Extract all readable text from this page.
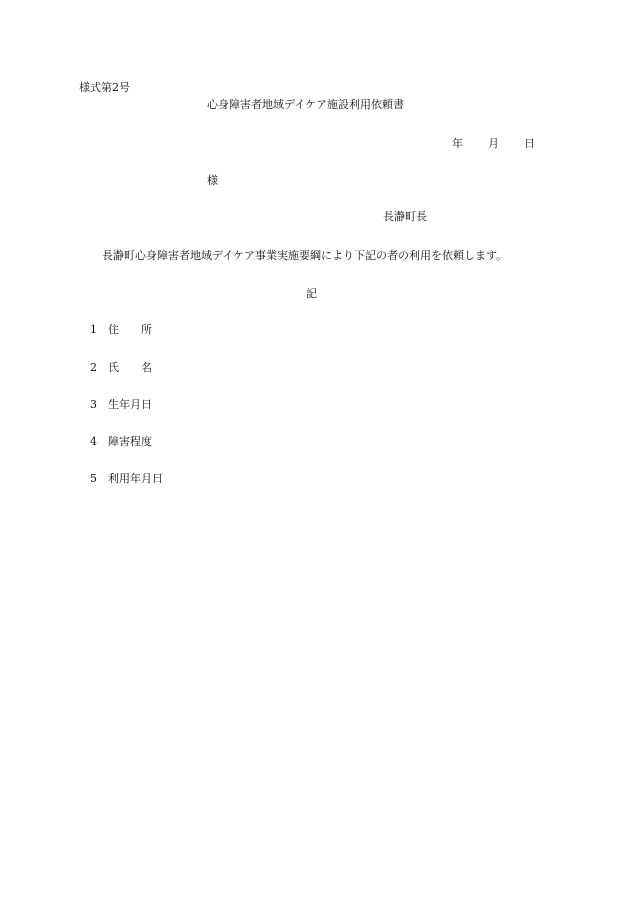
様式第2号
心身障害者地域デイケア施設利用依頼書
年 月 日
様
長瀞町長
長瀞町心身障害者地域デイケア事業実施要綱により下記の者の利用を依頼します。
記
1 住　　所
2 氏　　名
3 生年月日
4 障害程度
5 利用年月日
